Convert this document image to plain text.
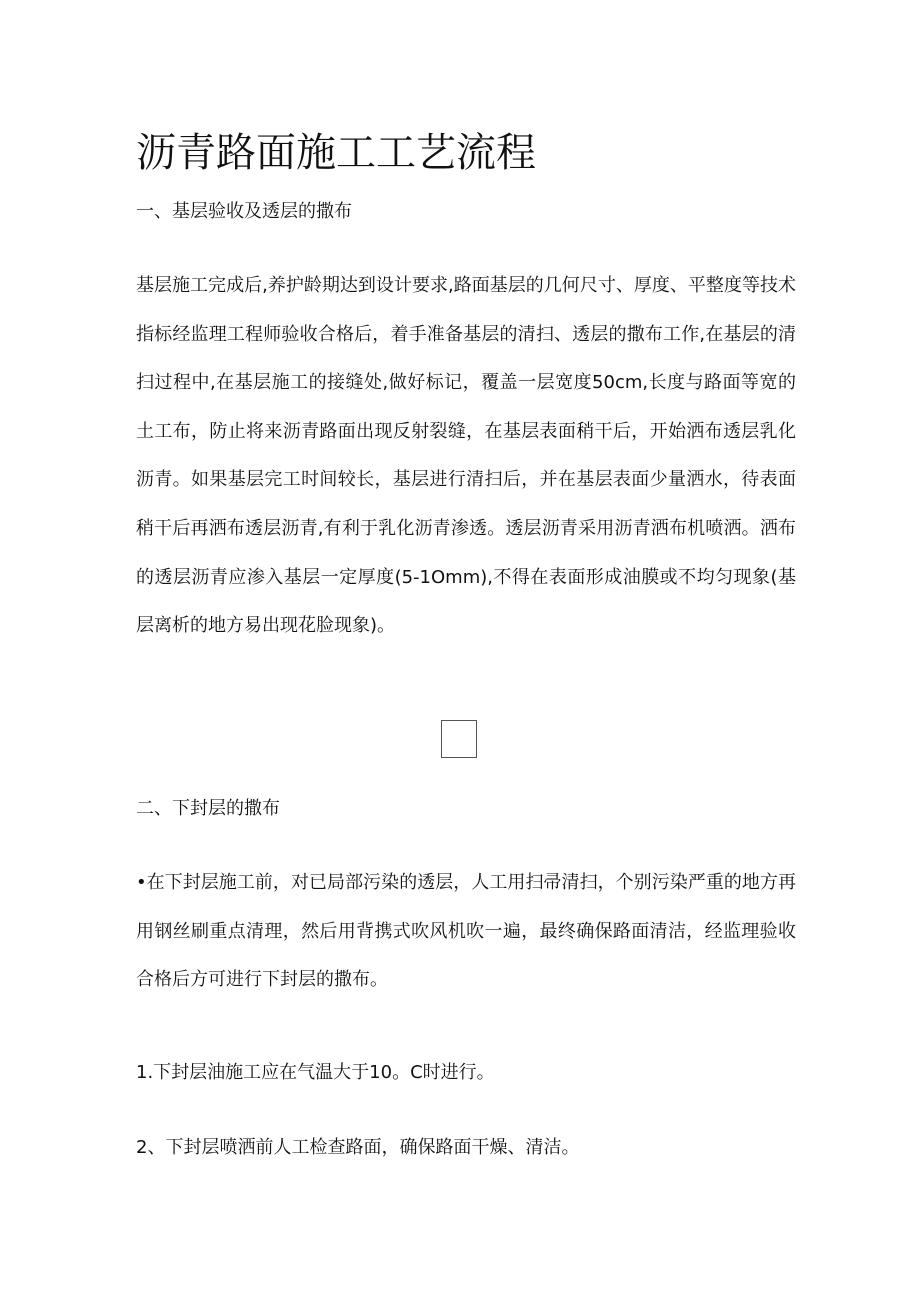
沥青路面施工工艺流程
一、基层验收及透层的撒布

基层施工完成后,养护龄期达到设计要求,路面基层的几何尺寸、厚度、平整度等技术指标经监理工程师验收合格后，着手准备基层的清扫、透层的撒布工作,在基层的清扫过程中,在基层施工的接缝处,做好标记，覆盖一层宽度50cm,长度与路面等宽的土工布，防止将来沥青路面出现反射裂缝，在基层表面稍干后，开始洒布透层乳化沥青。如果基层完工时间较长，基层进行清扫后，并在基层表面少量洒水，待表面稍干后再洒布透层沥青,有利于乳化沥青渗透。透层沥青采用沥青洒布机喷洒。洒布的透层沥青应渗入基层一定厚度(5-1Omm),不得在表面形成油膜或不均匀现象(基层离析的地方易出现花脸现象)。

二、下封层的撒布

•在下封层施工前，对已局部污染的透层，人工用扫帚清扫，个别污染严重的地方再用钢丝刷重点清理，然后用背携式吹风机吹一遍，最终确保路面清洁，经监理验收合格后方可进行下封层的撒布。

1.下封层油施工应在气温大于10。C时进行。

2、下封层喷洒前人工检查路面，确保路面干燥、清洁。
